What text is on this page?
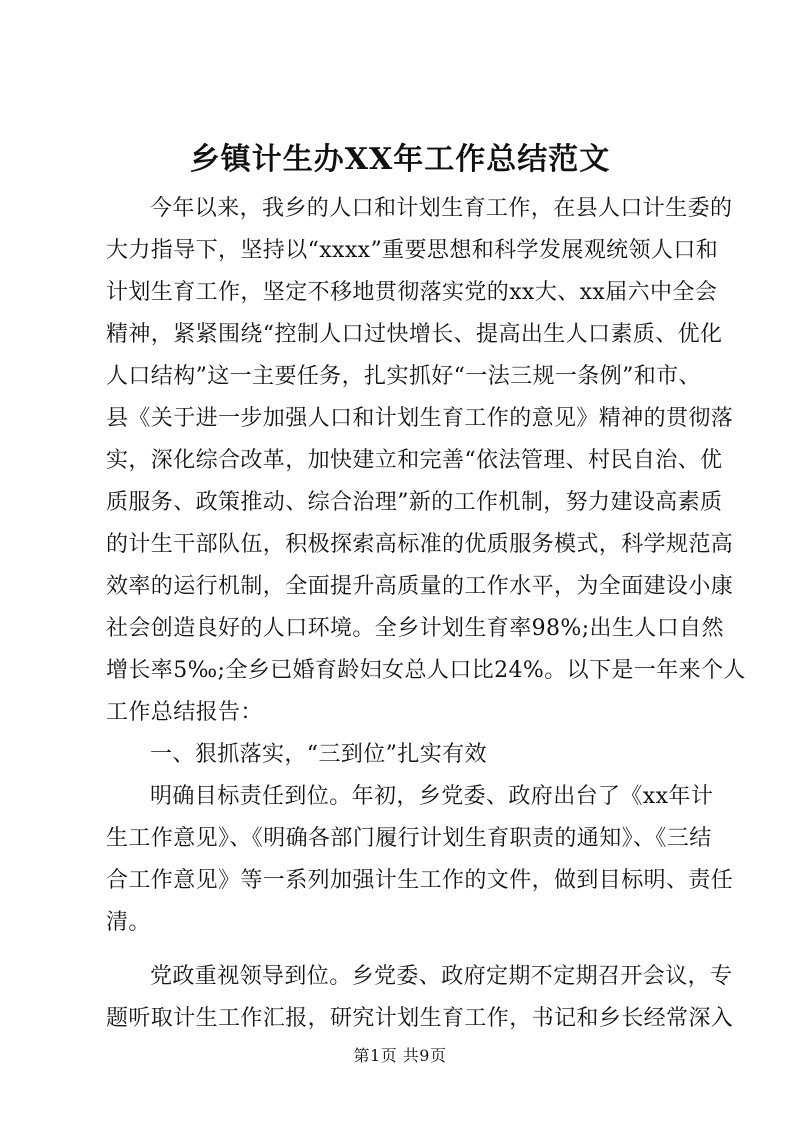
乡镇计生办XX年工作总结范文
今年以来，我乡的人口和计划生育工作，在县人口计生委的
大力指导下，坚持以“xxxx”重要思想和科学发展观统领人口和
计划生育工作，坚定不移地贯彻落实党的xx大、xx届六中全会
精神，紧紧围绕“控制人口过快增长、提高出生人口素质、优化
人口结构”这一主要任务，扎实抓好“一法三规一条例”和市、
县《关于进一步加强人口和计划生育工作的意见》精神的贯彻落
实，深化综合改革，加快建立和完善“依法管理、村民自治、优
质服务、政策推动、综合治理”新的工作机制，努力建设高素质
的计生干部队伍，积极探索高标准的优质服务模式，科学规范高
效率的运行机制，全面提升高质量的工作水平，为全面建设小康
社会创造良好的人口环境。全乡计划生育率98%;出生人口自然
增长率5‰;全乡已婚育龄妇女总人口比24%。以下是一年来个人
工作总结报告：
一、狠抓落实，“三到位”扎实有效
明确目标责任到位。年初，乡党委、政府出台了《xx年计
生工作意见》、《明确各部门履行计划生育职责的通知》、《三结
合工作意见》等一系列加强计生工作的文件，做到目标明、责任
清。
党政重视领导到位。乡党委、政府定期不定期召开会议，专
题听取计生工作汇报，研究计划生育工作，书记和乡长经常深入
第1页 共9页
